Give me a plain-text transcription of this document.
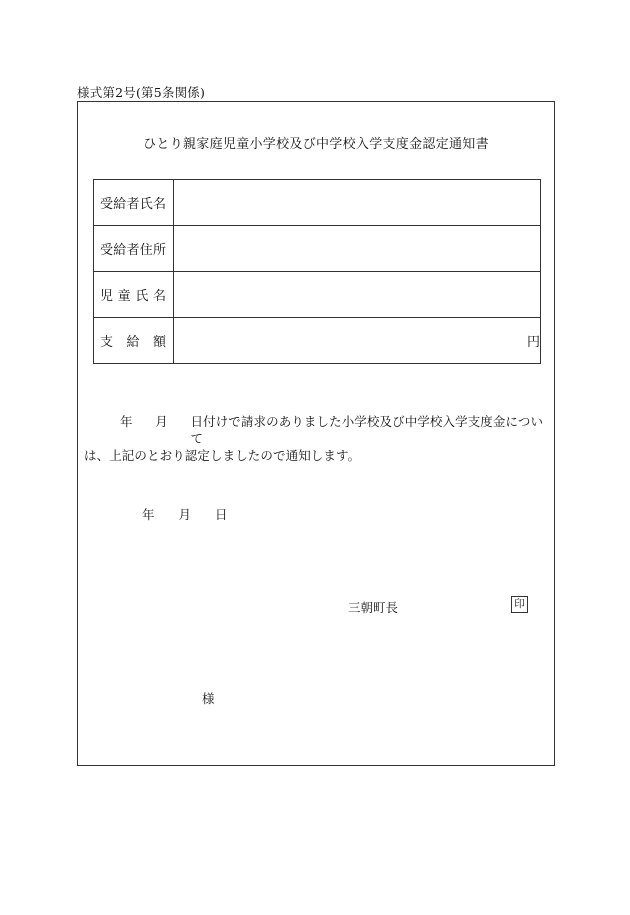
様式第2号(第5条関係)
ひとり親家庭児童小学校及び中学校入学支度金認定通知書
受 給 者 氏 名	

受 給 者 住 所	

児 童 氏 名	

支 給 額	円
年 月 日付けで請求のありました小学校及び中学校入学支度金につい て
は、上記のとおり認定しましたので通知します。
年 月 日
三朝町長	印
様
